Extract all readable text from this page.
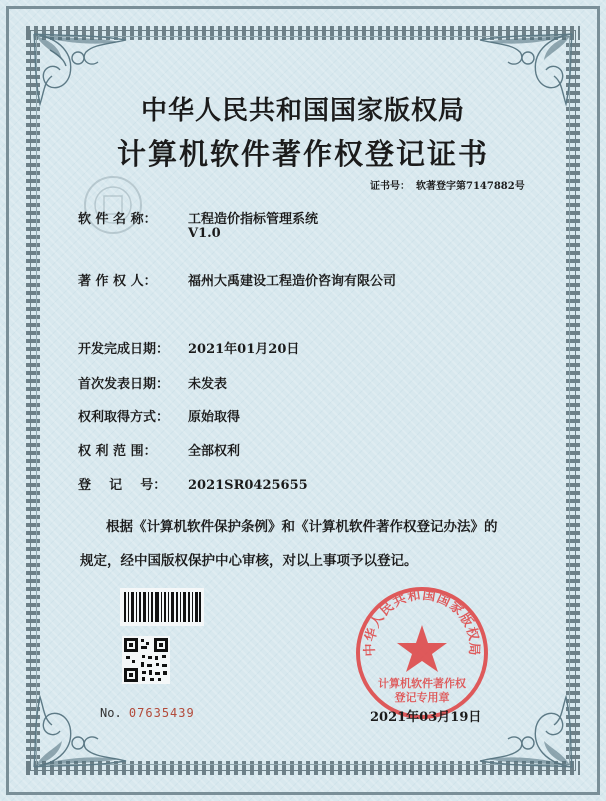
中华人民共和国国家版权局
计算机软件著作权登记证书
证书号： 软著登字第7147882号
软 件 名 称： 工程造价指标管理系统
V1.0
著 作 权 人： 福州大禹建设工程造价咨询有限公司
开发完成日期： 2021年01月20日
首次发表日期： 未发表
权利取得方式： 原始取得
权 利 范 围： 全部权利
登    记    号： 2021SR0425655
根据《计算机软件保护条例》和《计算机软件著作权登记办法》的
规定，经中国版权保护中心审核，对以上事项予以登记。
中华人民共和国国家版权局
计算机软件著作权
登记专用章
No. 07635439	2021年03月19日
